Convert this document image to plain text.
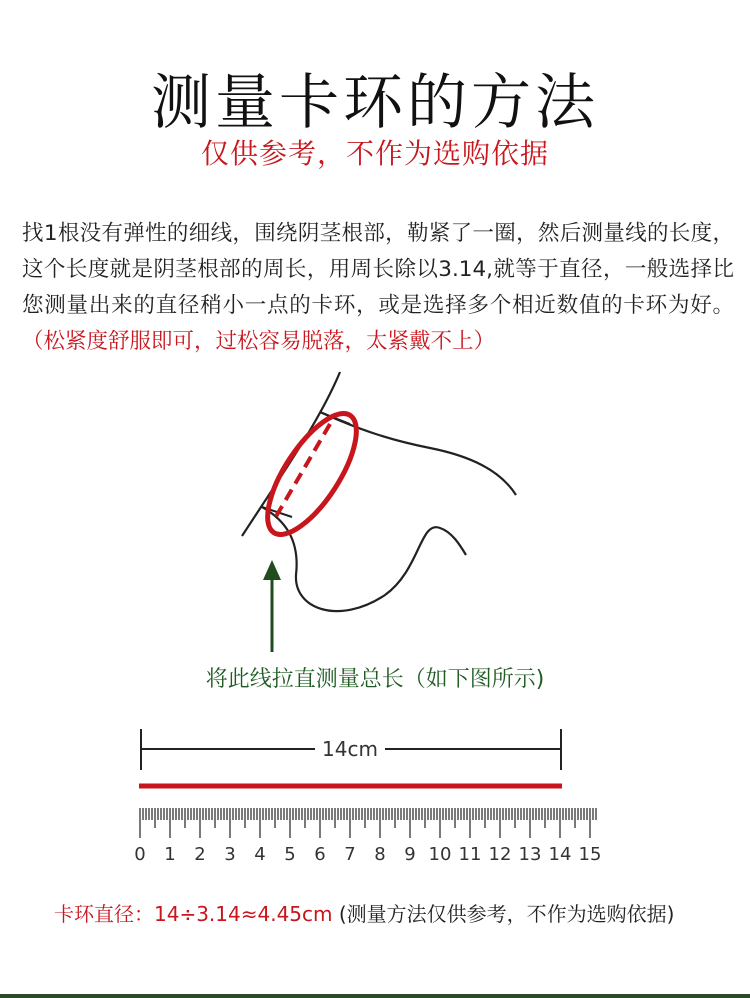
测量卡环的方法
仅供参考，不作为选购依据
找1根没有弹性的细线，围绕阴茎根部，勒紧了一圈，然后测量线的长度，这个长度就是阴茎根部的周长，用周长除以3.14,就等于直径，一般选择比您测量出来的直径稍小一点的卡环，或是选择多个相近数值的卡环为好。（松紧度舒服即可，过松容易脱落，太紧戴不上）
14cm
0 1 2 3 4 5 6 7 8 9 10 11 12 13 14 15
将此线拉直测量总长（如下图所示)
卡环直径：14÷3.14≈4.45cm (测量方法仅供参考，不作为选购依据)
